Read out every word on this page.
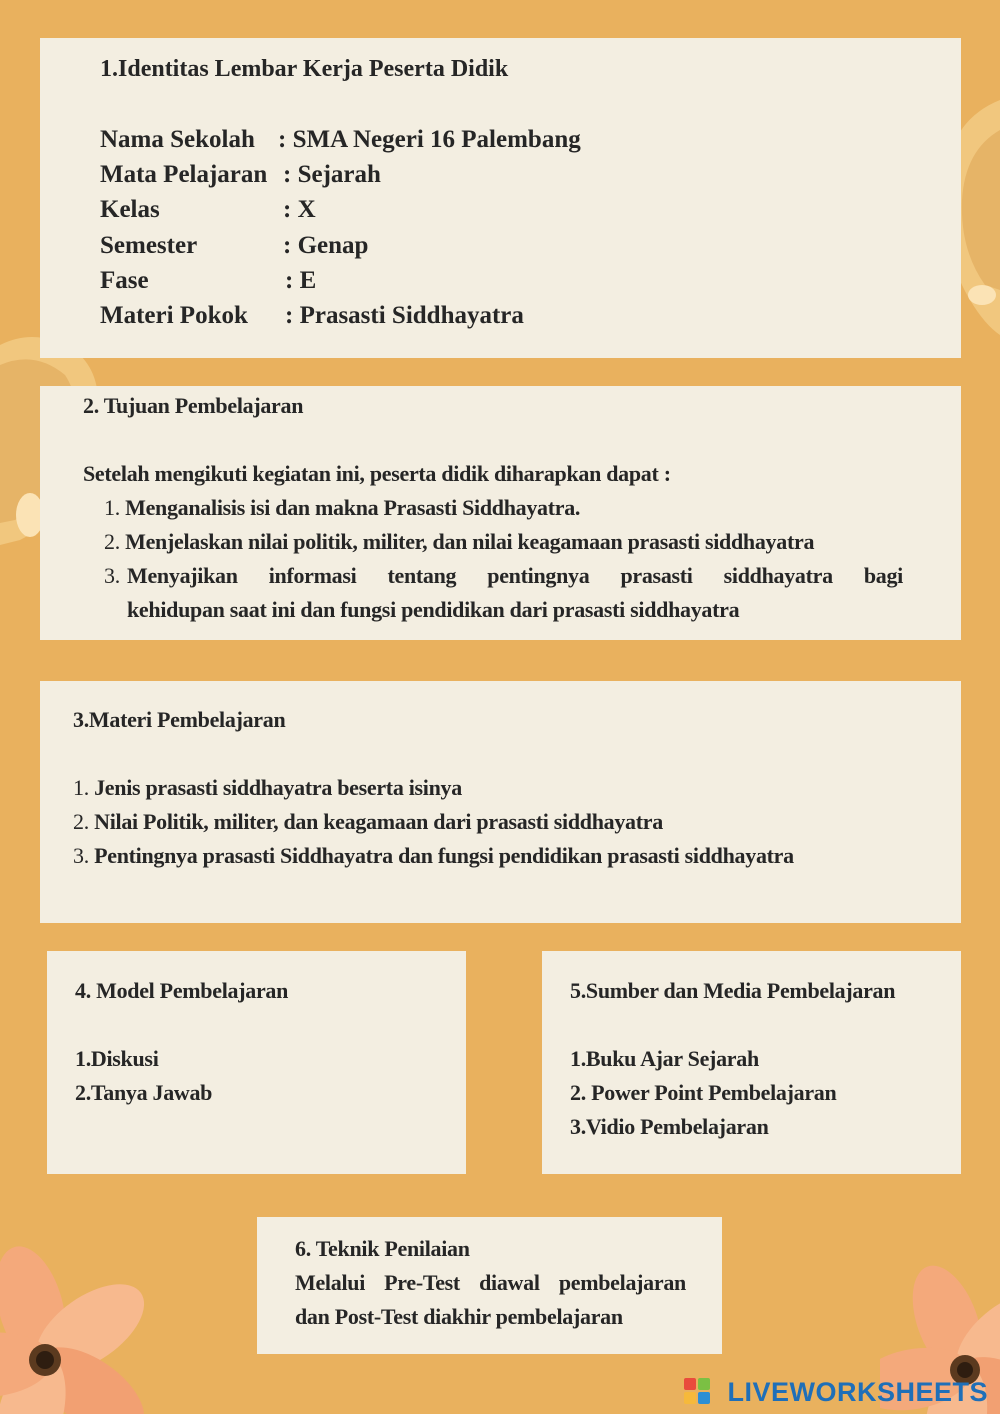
1.Identitas Lembar Kerja Peserta Didik
Nama Sekolah : SMA Negeri 16 Palembang
Mata Pelajaran : Sejarah
Kelas	: X
Semester	: Genap
Fase	: E
Materi Pokok : Prasasti Siddhayatra
2. Tujuan Pembelajaran
Setelah mengikuti kegiatan ini, peserta didik diharapkan dapat :
1. Menganalisis isi dan makna Prasasti Siddhayatra.
2. Menjelaskan nilai politik, militer, dan nilai keagamaan prasasti siddhayatra
3. Menyajikan informasi tentang pentingnya prasasti siddhayatra bagi
kehidupan saat ini dan fungsi pendidikan dari prasasti siddhayatra
3.Materi Pembelajaran
1. Jenis prasasti siddhayatra beserta isinya
2. Nilai Politik, militer, dan keagamaan dari prasasti siddhayatra
3. Pentingnya prasasti Siddhayatra dan fungsi pendidikan prasasti siddhayatra
4. Model Pembelajaran
1.Diskusi
2.Tanya Jawab
5.Sumber dan Media Pembelajaran
1.Buku Ajar Sejarah
2. Power Point Pembelajaran
3.Vidio Pembelajaran
6. Teknik Penilaian
Melalui Pre-Test diawal pembelajaran
dan Post-Test diakhir pembelajaran
LIVEWORKSHEETS
